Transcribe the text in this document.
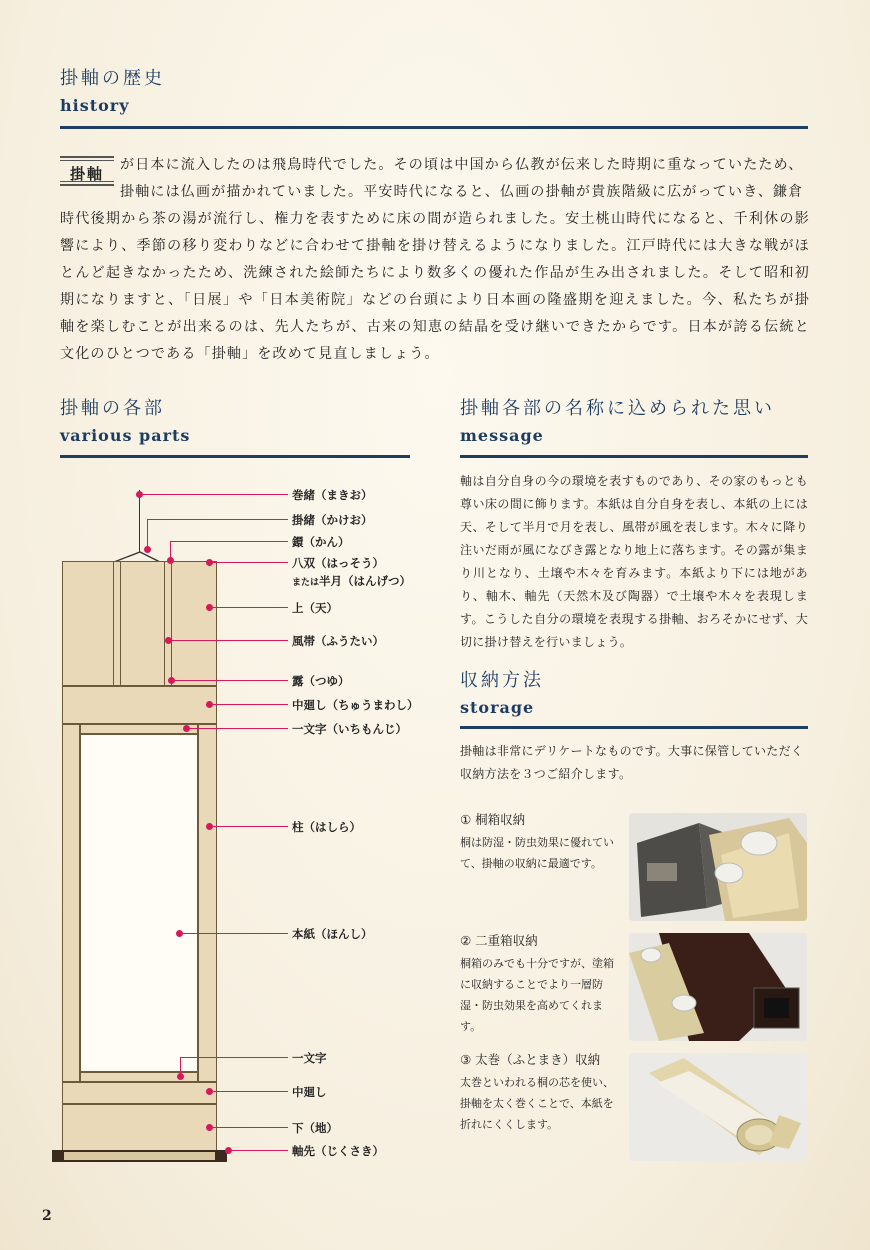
掛軸の歴史
history
掛軸	が日本に流入したのは飛鳥時代でした。その頃は中国から仏教が伝来した時期に重なっていたため、
掛軸には仏画が描かれていました。平安時代になると、仏画の掛軸が貴族階級に広がっていき、鎌倉
時代後期から茶の湯が流行し、権力を表すために床の間が造られました。安土桃山時代になると、千利休の影響により、季節の移り変わりなどに合わせて掛軸を掛け替えるようになりました。江戸時代には大きな戦がほとんど起きなかったため、洗練された絵師たちにより数多くの優れた作品が生み出されました。そして昭和初期になりますと、「日展」や「日本美術院」などの台頭により日本画の隆盛期を迎えました。今、私たちが掛軸を楽しむことが出来るのは、先人たちが、古来の知恵の結晶を受け継いできたからです。日本が誇る伝統と文化のひとつである「掛軸」を改めて見直しましょう。
掛軸の各部
various parts
巻緒（まきお）
掛緒（かけお）
鐶（かん）
八双（はっそう）
または半月（はんげつ）
上（天）
風帯（ふうたい）
露（つゆ）
中廻し（ちゅうまわし）
一文字（いちもんじ）
柱（はしら）
本紙（ほんし）
一文字
中廻し
下（地）
軸先（じくさき）
掛軸各部の名称に込められた思い
message
軸は自分自身の今の環境を表すものであり、その家のもっとも尊い床の間に飾ります。本紙は自分自身を表し、本紙の上には天、そして半月で月を表し、風帯が風を表します。木々に降り注いだ雨が風になびき露となり地上に落ちます。その露が集まり川となり、土壌や木々を育みます。本紙より下には地があり、軸木、軸先（天然木及び陶器）で土壌や木々を表現します。こうした自分の環境を表現する掛軸、おろそかにせず、大切に掛け替えを行いましょう。
収納方法
storage
掛軸は非常にデリケートなものです。大事に保管していただく収納方法を３つご紹介します。
① 桐箱収納
桐は防湿・防虫効果に優れていて、掛軸の収納に最適です。
② 二重箱収納
桐箱のみでも十分ですが、塗箱に収納することでより一層防湿・防虫効果を高めてくれます。
③ 太巻（ふとまき）収納
太巻といわれる桐の芯を使い、掛軸を太く巻くことで、本紙を折れにくくします。
2
